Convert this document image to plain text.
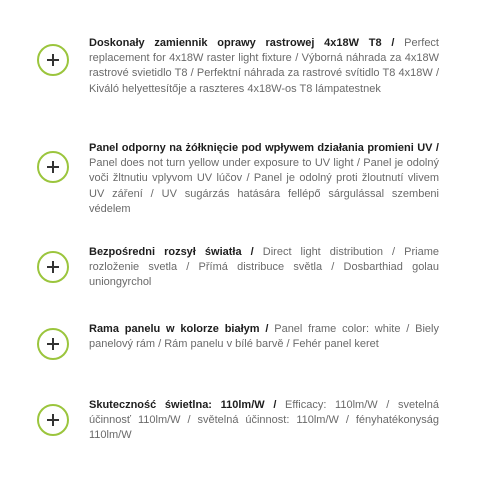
Doskonały zamiennik oprawy rastrowej 4x18W T8 / Perfect replacement for 4x18W raster light fixture / Výborná náhrada za 4x18W rastrové svietidlo T8 / Perfektní náhrada za rastrové svítidlo T8 4x18W / Kiváló helyettesítője a raszteres 4x18W-os T8 lámpatestnek
Panel odporny na żółknięcie pod wpływem działania promieni UV / Panel does not turn yellow under exposure to UV light / Panel je odolný voči žltnutiu vplyvom UV lúčov / Panel je odolný proti žloutnutí vlivem UV záření / UV sugárzás hatására fellépő sárgulással szembeni védelem
Bezpośredni rozsył światła / Direct light distribution / Priame rozloženie svetla / Přímá distribuce světla / Dosbarthiad golau uniongyrchol
Rama panelu w kolorze białym / Panel frame color: white / Biely panelový rám / Rám panelu v bílé barvě / Fehér panel keret
Skuteczność świetlna: 110lm/W / Efficacy: 110lm/W / svetelná účinnosť 110lm/W / světelná účinnost: 110lm/W / fényhatékonyság 110lm/W
